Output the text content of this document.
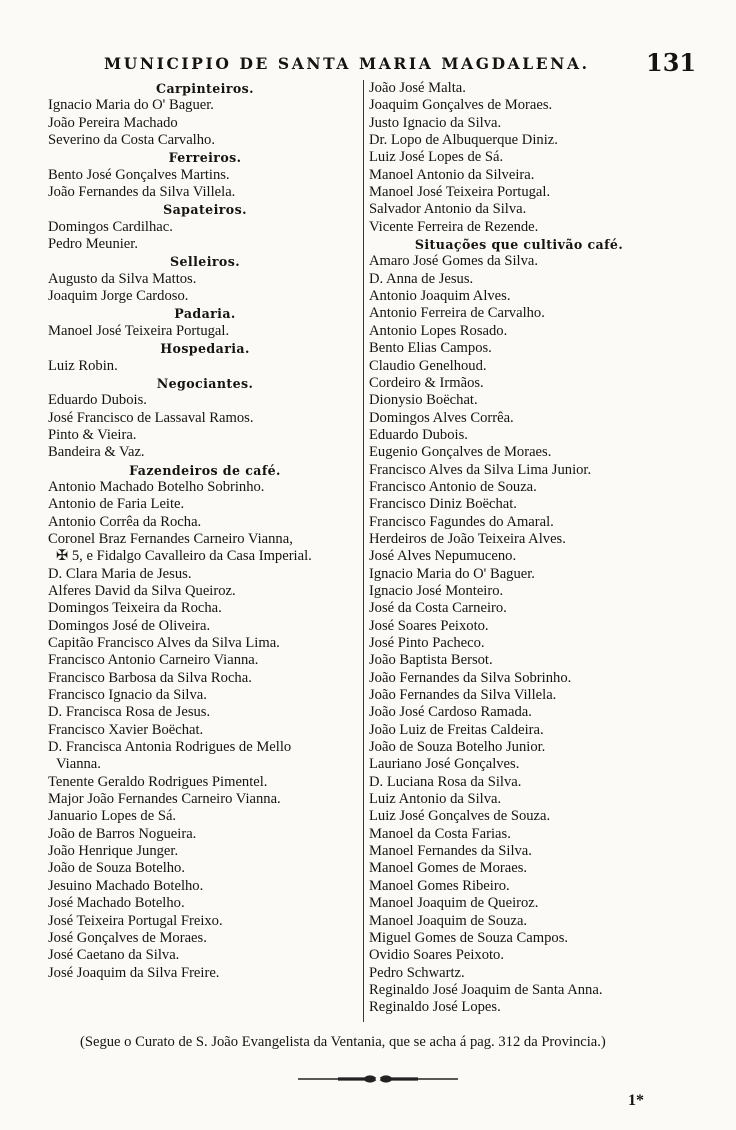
MUNICIPIO DE SANTA MARIA MAGDALENA. 131
Carpinteiros.
Ignacio Maria do O' Baguer.
João Pereira Machado
Severino da Costa Carvalho.
Ferreiros.
Bento José Gonçalves Martins.
João Fernandes da Silva Villela.
Sapateiros.
Domingos Cardilhac.
Pedro Meunier.
Selleiros.
Augusto da Silva Mattos.
Joaquim Jorge Cardoso.
Padaria.
Manoel José Teixeira Portugal.
Hospedaria.
Luiz Robin.
Negociantes.
Eduardo Dubois.
José Francisco de Lassaval Ramos.
Pinto & Vieira.
Bandeira & Vaz.
Fazendeiros de café.
Antonio Machado Botelho Sobrinho.
Antonio de Faria Leite.
Antonio Corrêa da Rocha.
Coronel Braz Fernandes Carneiro Vianna,
✠ 5, e Fidalgo Cavalleiro da Casa Imperial.
D. Clara Maria de Jesus.
Alferes David da Silva Queiroz.
Domingos Teixeira da Rocha.
Domingos José de Oliveira.
Capitão Francisco Alves da Silva Lima.
Francisco Antonio Carneiro Vianna.
Francisco Barbosa da Silva Rocha.
Francisco Ignacio da Silva.
D. Francisca Rosa de Jesus.
Francisco Xavier Boëchat.
D. Francisca Antonia Rodrigues de Mello
Vianna.
Tenente Geraldo Rodrigues Pimentel.
Major João Fernandes Carneiro Vianna.
Januario Lopes de Sá.
João de Barros Nogueira.
João Henrique Junger.
João de Souza Botelho.
Jesuino Machado Botelho.
José Machado Botelho.
José Teixeira Portugal Freixo.
José Gonçalves de Moraes.
José Caetano da Silva.
José Joaquim da Silva Freire.
João José Malta.
Joaquim Gonçalves de Moraes.
Justo Ignacio da Silva.
Dr. Lopo de Albuquerque Diniz.
Luiz José Lopes de Sá.
Manoel Antonio da Silveira.
Manoel José Teixeira Portugal.
Salvador Antonio da Silva.
Vicente Ferreira de Rezende.
Situações que cultivão café.
Amaro José Gomes da Silva.
D. Anna de Jesus.
Antonio Joaquim Alves.
Antonio Ferreira de Carvalho.
Antonio Lopes Rosado.
Bento Elias Campos.
Claudio Genelhoud.
Cordeiro & Irmãos.
Dionysio Boëchat.
Domingos Alves Corrêa.
Eduardo Dubois.
Eugenio Gonçalves de Moraes.
Francisco Alves da Silva Lima Junior.
Francisco Antonio de Souza.
Francisco Diniz Boëchat.
Francisco Fagundes do Amaral.
Herdeiros de João Teixeira Alves.
José Alves Nepumuceno.
Ignacio Maria do O' Baguer.
Ignacio José Monteiro.
José da Costa Carneiro.
José Soares Peixoto.
José Pinto Pacheco.
João Baptista Bersot.
João Fernandes da Silva Sobrinho.
João Fernandes da Silva Villela.
João José Cardoso Ramada.
João Luiz de Freitas Caldeira.
João de Souza Botelho Junior.
Lauriano José Gonçalves.
D. Luciana Rosa da Silva.
Luiz Antonio da Silva.
Luiz José Gonçalves de Souza.
Manoel da Costa Farias.
Manoel Fernandes da Silva.
Manoel Gomes de Moraes.
Manoel Gomes Ribeiro.
Manoel Joaquim de Queiroz.
Manoel Joaquim de Souza.
Miguel Gomes de Souza Campos.
Ovidio Soares Peixoto.
Pedro Schwartz.
Reginaldo José Joaquim de Santa Anna.
Reginaldo José Lopes.
(Segue o Curato de S. João Evangelista da Ventania, que se acha á pag. 312 da Provincia.)
1*
